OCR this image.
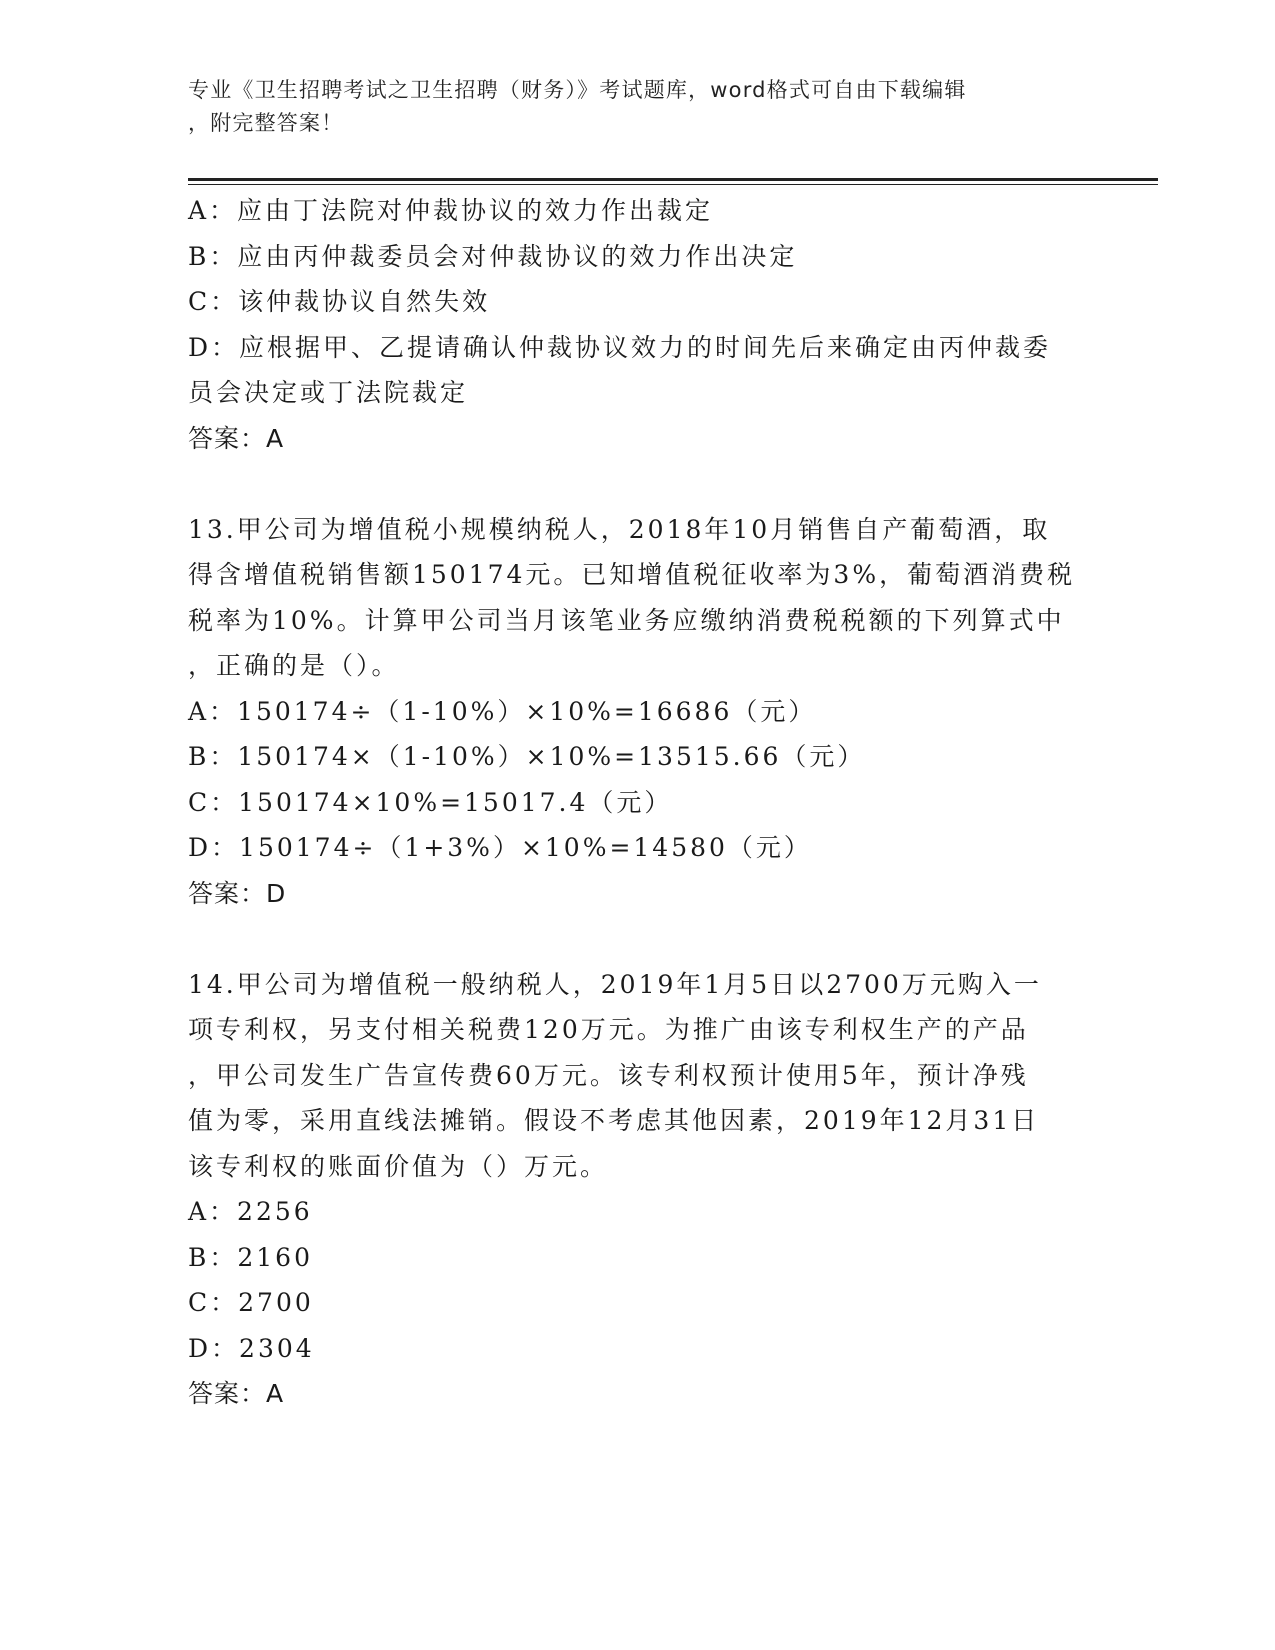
专业《卫生招聘考试之卫生招聘（财务）》考试题库，word格式可自由下载编辑
，附完整答案！
A：应由丁法院对仲裁协议的效力作出裁定
B：应由丙仲裁委员会对仲裁协议的效力作出决定
C：该仲裁协议自然失效
D：应根据甲、乙提请确认仲裁协议效力的时间先后来确定由丙仲裁委
员会决定或丁法院裁定
答案：A
13.甲公司为增值税小规模纳税人，2018年10月销售自产葡萄酒，取
得含增值税销售额150174元。已知增值税征收率为3%，葡萄酒消费税
税率为10%。计算甲公司当月该笔业务应缴纳消费税税额的下列算式中
，正确的是（）。
A：150174÷（1-10%）×10%=16686（元）
B：150174×（1-10%）×10%=13515.66（元）
C：150174×10%=15017.4（元）
D：150174÷（1+3%）×10%=14580（元）
答案：D
14.甲公司为增值税一般纳税人，2019年1月5日以2700万元购入一
项专利权，另支付相关税费120万元。为推广由该专利权生产的产品
，甲公司发生广告宣传费60万元。该专利权预计使用5年，预计净残
值为零，采用直线法摊销。假设不考虑其他因素，2019年12月31日
该专利权的账面价值为（）万元。
A：2256
B：2160
C：2700
D：2304
答案：A
